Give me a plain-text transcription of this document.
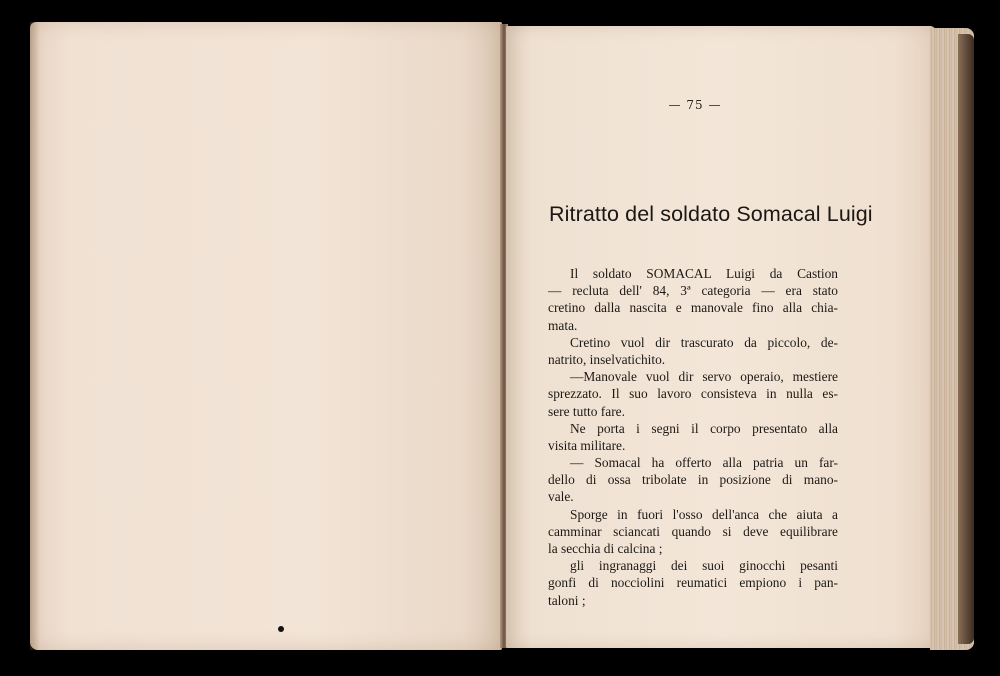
— 75 —
Ritratto del soldato Somacal Luigi
Il soldato SOMACAL Luigi da Castion
— recluta dell' 84, 3ª categoria — era stato
cretino dalla nascita e manovale fino alla chia-
mata.
Cretino vuol dir trascurato da piccolo, de-
natrito, inselvatichito.
—Manovale vuol dir servo operaio, mestiere
sprezzato. Il suo lavoro consisteva in nulla es-
sere tutto fare.
Ne porta i segni il corpo presentato alla
visita militare.
— Somacal ha offerto alla patria un far-
dello di ossa tribolate in posizione di mano-
vale.
Sporge in fuori l'osso dell'anca che aiuta a
camminar sciancati quando si deve equilibrare
la secchia di calcina ;
gli ingranaggi dei suoi ginocchi pesanti
gonfi di nocciolini reumatici empiono i pan-
taloni ;
